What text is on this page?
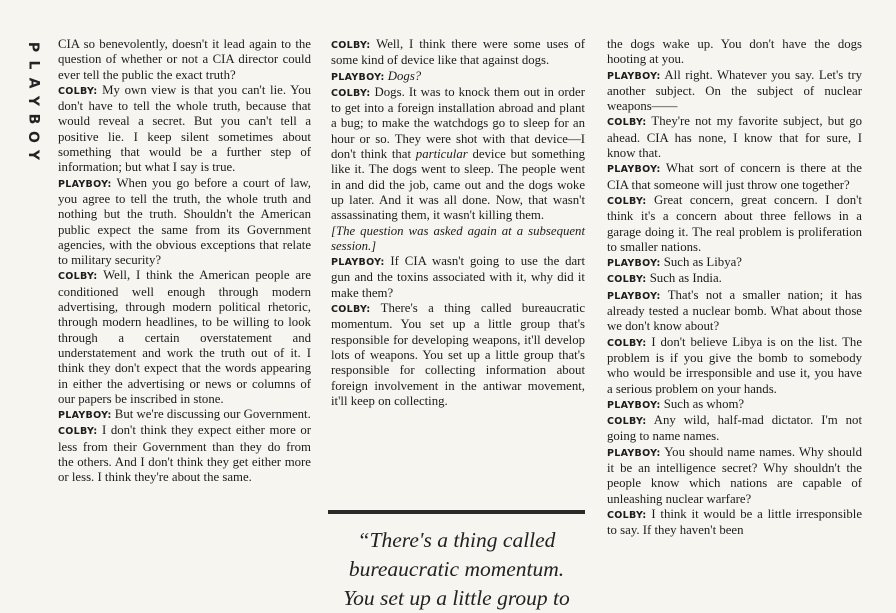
P
L
A
Y
B
O
Y

CIA so benevolently, doesn't it lead again to the question of whether or not a CIA director could ever tell the public the exact truth?

COLBY: My own view is that you can't lie. You don't have to tell the whole truth, because that would reveal a secret. But you can't tell a positive lie. I keep silent sometimes about something that would be a further step of information; but what I say is true.

PLAYBOY: When you go before a court of law, you agree to tell the truth, the whole truth and nothing but the truth. Shouldn't the American public expect the same from its Government agencies, with the obvious exceptions that relate to military security?

COLBY: Well, I think the American people are conditioned well enough through modern advertising, through modern political rhetoric, through modern headlines, to be willing to look through a certain overstatement and understatement and work the truth out of it. I think they don't expect that the words appearing in either the advertising or news or columns of our papers be inscribed in stone.

PLAYBOY: But we're discussing our Government.

COLBY: I don't think they expect either more or less from their Government than they do from the others. And I don't think they get either more or less. I think they're about the same.

COLBY: Well, I think there were some uses of some kind of device like that against dogs.

PLAYBOY: Dogs?

COLBY: Dogs. It was to knock them out in order to get into a foreign installation abroad and plant a bug; to make the watchdogs go to sleep for an hour or so. They were shot with that device—I don't think that particular device but something like it. The dogs went to sleep. The people went in and did the job, came out and the dogs woke up later. And it was all done. Now, that wasn't assassinating them, it wasn't killing them.

[The question was asked again at a subsequent session.]

PLAYBOY: If CIA wasn't going to use the dart gun and the toxins associated with it, why did it make them?

COLBY: There's a thing called bureaucratic momentum. You set up a little group that's responsible for developing weapons, it'll develop lots of weapons. You set up a little group that's responsible for collecting information about foreign involvement in the antiwar movement, it'll keep on collecting.

“There's a thing called
bureaucratic momentum.
You set up a little group to

the dogs wake up. You don't have the dogs hooting at you.

PLAYBOY: All right. Whatever you say. Let's try another subject. On the subject of nuclear weapons——

COLBY: They're not my favorite subject, but go ahead. CIA has none, I know that for sure, I know that.

PLAYBOY: What sort of concern is there at the CIA that someone will just throw one together?

COLBY: Great concern, great concern. I don't think it's a concern about three fellows in a garage doing it. The real problem is proliferation to smaller nations.

PLAYBOY: Such as Libya?

COLBY: Such as India.

PLAYBOY: That's not a smaller nation; it has already tested a nuclear bomb. What about those we don't know about?

COLBY: I don't believe Libya is on the list. The problem is if you give the bomb to somebody who would be irresponsible and use it, you have a serious problem on your hands.

PLAYBOY: Such as whom?

COLBY: Any wild, half-mad dictator. I'm not going to name names.

PLAYBOY: You should name names. Why should it be an intelligence secret? Why shouldn't the people know which nations are capable of unleashing nuclear warfare?

COLBY: I think it would be a little irresponsible to say. If they haven't been
